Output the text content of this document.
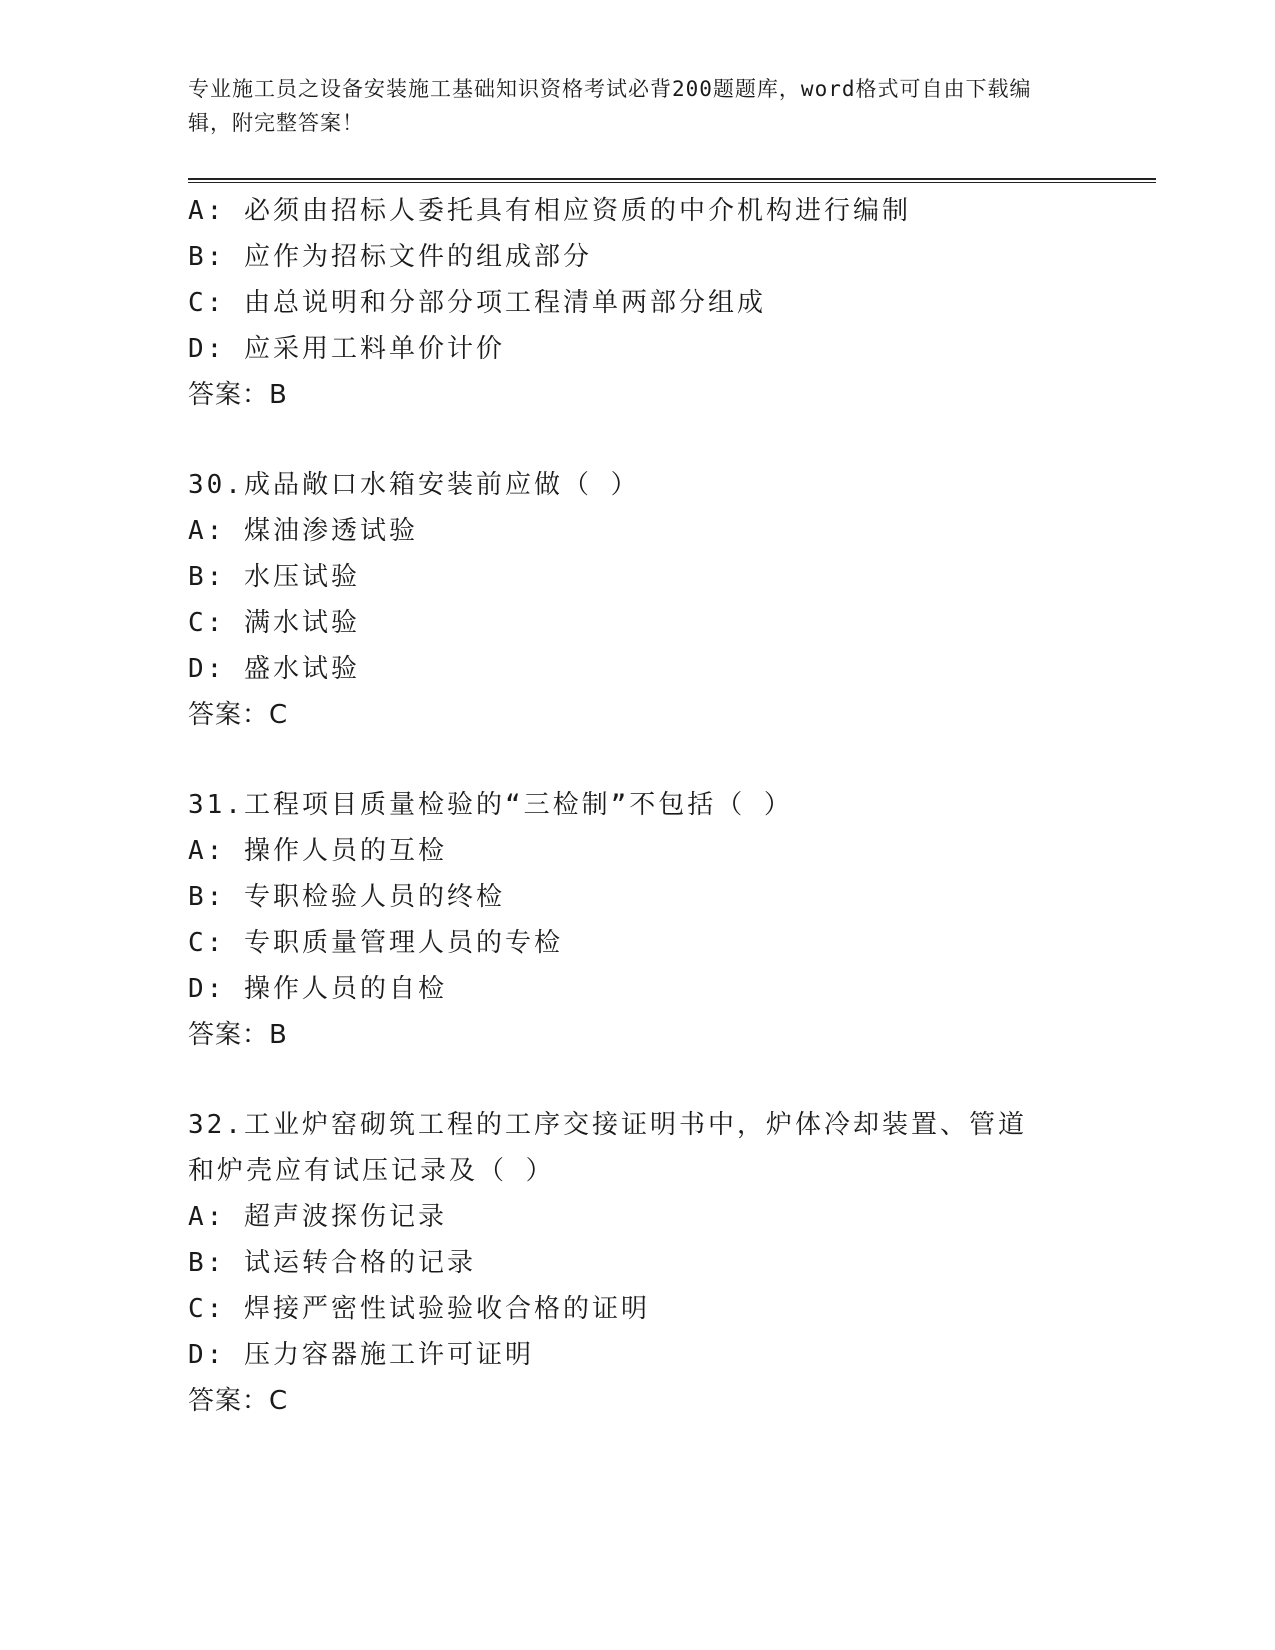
专业施工员之设备安装施工基础知识资格考试必背200题题库，word格式可自由下载编辑，附完整答案！
A: 必须由招标人委托具有相应资质的中介机构进行编制
B: 应作为招标文件的组成部分
C: 由总说明和分部分项工程清单两部分组成
D: 应采用工料单价计价
答案：B
30.成品敞口水箱安装前应做（ ）
A: 煤油渗透试验
B: 水压试验
C: 满水试验
D: 盛水试验
答案：C
31.工程项目质量检验的“三检制”不包括（ ）
A: 操作人员的互检
B: 专职检验人员的终检
C: 专职质量管理人员的专检
D: 操作人员的自检
答案：B
32.工业炉窑砌筑工程的工序交接证明书中，炉体冷却装置、管道和炉壳应有试压记录及（ ）
A: 超声波探伤记录
B: 试运转合格的记录
C: 焊接严密性试验验收合格的证明
D: 压力容器施工许可证明
答案：C
